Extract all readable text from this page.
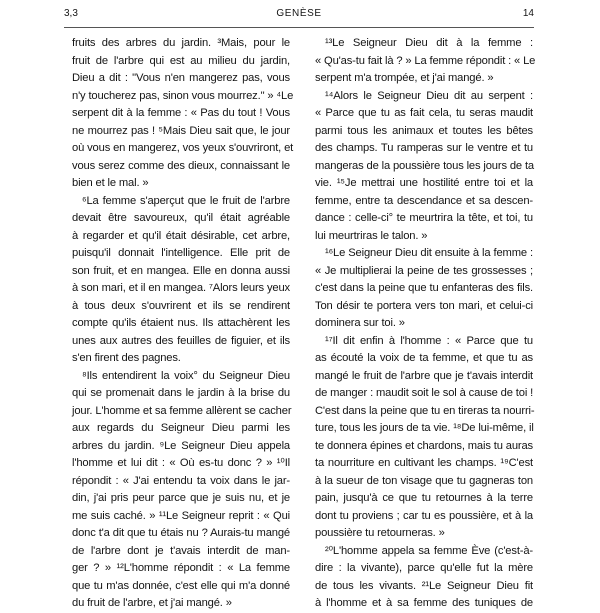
3,3	GENÈSE	14
fruits des arbres du jardin. ³Mais, pour le
fruit de l'arbre qui est au milieu du jardin,
Dieu a dit : "Vous n'en mangerez pas, vous
n'y toucherez pas, sinon vous mourrez." » ⁴Le
serpent dit à la femme : « Pas du tout ! Vous
ne mourrez pas ! ⁵Mais Dieu sait que, le jour
où vous en mangerez, vos yeux s'ouvriront, et
vous serez comme des dieux, connaissant le
bien et le mal. »
⁶La femme s'aperçut que le fruit de l'arbre
devait être savoureux, qu'il était agréable
à regarder et qu'il était désirable, cet arbre,
puisqu'il donnait l'intelligence. Elle prit de
son fruit, et en mangea. Elle en donna aussi
à son mari, et il en mangea. ⁷Alors leurs yeux
à tous deux s'ouvrirent et ils se rendirent
compte qu'ils étaient nus. Ils attachèrent les
unes aux autres des feuilles de figuier, et ils
s'en firent des pagnes.
⁸Ils entendirent la voix° du Seigneur Dieu
qui se promenait dans le jardin à la brise du
jour. L'homme et sa femme allèrent se cacher
aux regards du Seigneur Dieu parmi les
arbres du jardin. ⁹Le Seigneur Dieu appela
l'homme et lui dit : « Où es-tu donc ? » ¹⁰Il
répondit : « J'ai entendu ta voix dans le jar-
din, j'ai pris peur parce que je suis nu, et je
me suis caché. » ¹¹Le Seigneur reprit : « Qui
donc t'a dit que tu étais nu ? Aurais-tu mangé
de l'arbre dont je t'avais interdit de man-
ger ? » ¹²L'homme répondit : « La femme
que tu m'as donnée, c'est elle qui m'a donné
du fruit de l'arbre, et j'ai mangé. »
¹³Le Seigneur Dieu dit à la femme :
« Qu'as-tu fait là ? » La femme répondit : « Le
serpent m'a trompée, et j'ai mangé. »
¹⁴Alors le Seigneur Dieu dit au serpent :
« Parce que tu as fait cela, tu seras maudit
parmi tous les animaux et toutes les bêtes
des champs. Tu ramperas sur le ventre et tu
mangeras de la poussière tous les jours de ta
vie. ¹⁵Je mettrai une hostilité entre toi et la
femme, entre ta descendance et sa descen-
dance : celle-ci° te meurtrira la tête, et toi, tu
lui meurtriras le talon. »
¹⁶Le Seigneur Dieu dit ensuite à la femme :
« Je multiplierai la peine de tes grossesses ;
c'est dans la peine que tu enfanteras des fils.
Ton désir te portera vers ton mari, et celui-ci
dominera sur toi. »
¹⁷Il dit enfin à l'homme : « Parce que tu
as écouté la voix de ta femme, et que tu as
mangé le fruit de l'arbre que je t'avais interdit
de manger : maudit soit le sol à cause de toi !
C'est dans la peine que tu en tireras ta nourri-
ture, tous les jours de ta vie. ¹⁸De lui-même, il
te donnera épines et chardons, mais tu auras
ta nourriture en cultivant les champs. ¹⁹C'est
à la sueur de ton visage que tu gagneras ton
pain, jusqu'à ce que tu retournes à la terre
dont tu proviens ; car tu es poussière, et à la
poussière tu retourneras. »
²⁰L'homme appela sa femme Ève (c'est-à-
dire : la vivante), parce qu'elle fut la mère
de tous les vivants. ²¹Le Seigneur Dieu fit
à l'homme et à sa femme des tuniques de
